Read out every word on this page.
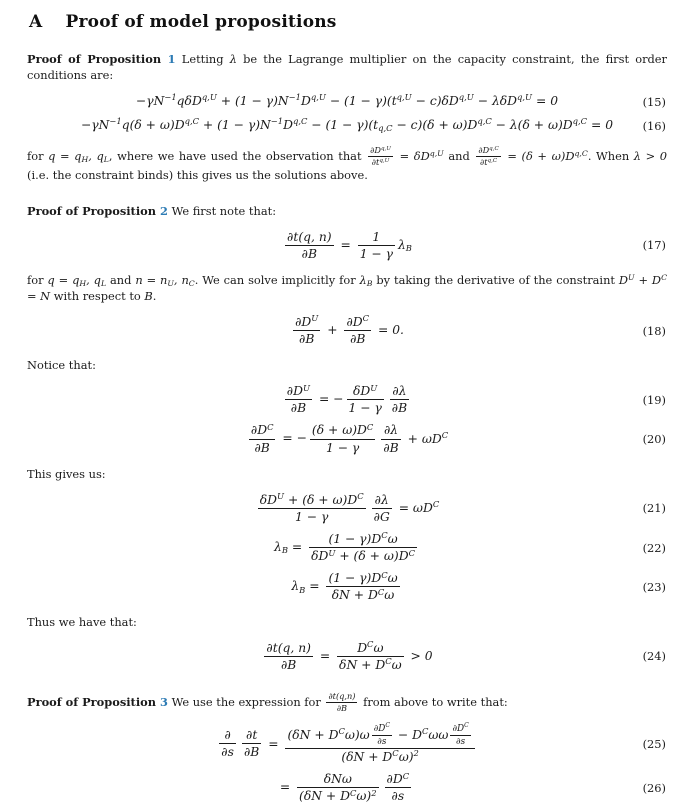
A Proof of model propositions

Proof of Proposition 1 Letting λ be the Lagrange multiplier on the capacity constraint, the first order conditions are:

$-\gamma N^{-1}q\delta D^{q,U} + (1 - \gamma)N^{-1}D^{q,U} - (1 - \gamma)(t^{q,U} - c)\delta D^{q,U} - \lambda\delta D^{q,U} = 0$	(15)
$-\gamma N^{-1}q(\delta + \omega)D^{q,C} + (1 - \gamma)N^{-1}D^{q,C} - (1 - \gamma)(t_{q,C} - c)(\delta + \omega)D^{q,C} - \lambda(\delta + \omega)D^{q,C} = 0$	(16)

for $q = q_H$, $q_L$, where we have used the observation that $\frac{\partial D^{q,U}}{\partial t^{q,U}} = \delta D^{q,U}$ and $\frac{\partial D^{q,C}}{\partial t^{q,C}} = (\delta + \omega)D^{q,C}$. When λ > 0 (i.e. the constraint binds) this gives us the solutions above.

Proof of Proposition 2 We first note that:

$\frac{\partial t(q, n)}{\partial B} = \frac{1}{1 - \gamma} \lambda_B$	(17)

for $q = q_H$, $q_L$ and $n = n_U$, $n_C$. We can solve implicitly for $\lambda_B$ by taking the derivative of the constraint $D^U + D^C = N$ with respect to B.

$\frac{\partial D^U}{\partial B} + \frac{\partial D^C}{\partial B} = 0$.	(18)

Notice that:

$\frac{\partial D^U}{\partial B}$ = − $\frac{\delta D^U}{1 - \gamma} \frac{\partial\lambda}{\partial B}$	(19)
$\frac{\partial D^C}{\partial B}$ = − $\frac{(\delta + \omega)D^C}{1 - \gamma} \frac{\partial\lambda}{\partial B} + \omega D^C$	(20)

This gives us:

$\frac{\delta D^U + (\delta + \omega)D^C}{1 - \gamma} \frac{\partial\lambda}{\partial G} = \omega D^C$	(21)
$\lambda_B = \frac{(1 - \gamma)D^C\omega}{\delta D^U + (\delta + \omega)D^C}$	(22)
$\lambda_B = \frac{(1 - \gamma)D^C\omega}{\delta N + D^C\omega}$	(23)

Thus we have that:

$\frac{\partial t(q, n)}{\partial B} = \frac{D^C\omega}{\delta N + D^C\omega} > 0$	(24)

Proof of Proposition 3 We use the expression for $\frac{\partial t(q,n)}{\partial B}$ from above to write that:

$\frac{\partial}{\partial s} \frac{\partial t}{\partial B} = \frac{(\delta N + D^C\omega)\omega \frac{\partial D^C}{\partial s} - D^C\omega\omega \frac{\partial D^C}{\partial s}}{(\delta N + D^C\omega)^2}$	(25)
= $\frac{\text{δNω}}{(\delta N + D^C\omega)^2} \frac{\partial D^C}{\partial s}$	(26)
